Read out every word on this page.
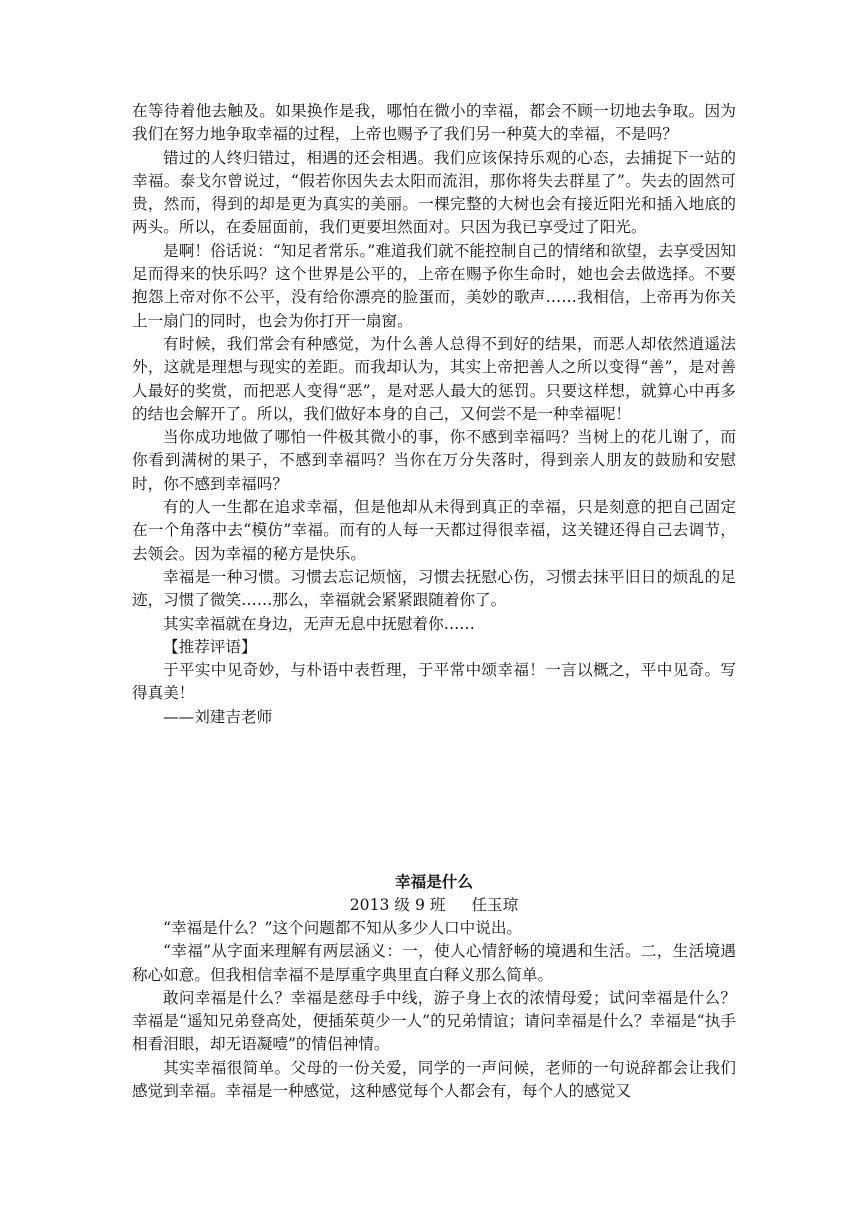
在等待着他去触及。如果换作是我，哪怕在微小的幸福，都会不顾一切地去争取。因为我们在努力地争取幸福的过程，上帝也赐予了我们另一种莫大的幸福，不是吗？

错过的人终归错过，相遇的还会相遇。我们应该保持乐观的心态，去捕捉下一站的幸福。泰戈尔曾说过，“假若你因失去太阳而流泪，那你将失去群星了”。失去的固然可贵，然而，得到的却是更为真实的美丽。一棵完整的大树也会有接近阳光和插入地底的两头。所以，在委屈面前，我们更要坦然面对。只因为我已享受过了阳光。

是啊！俗话说：“知足者常乐。”难道我们就不能控制自己的情绪和欲望，去享受因知足而得来的快乐吗？这个世界是公平的，上帝在赐予你生命时，她也会去做选择。不要抱怨上帝对你不公平，没有给你漂亮的脸蛋而，美妙的歌声……我相信，上帝再为你关上一扇门的同时，也会为你打开一扇窗。

有时候，我们常会有种感觉，为什么善人总得不到好的结果，而恶人却依然逍遥法外，这就是理想与现实的差距。而我却认为，其实上帝把善人之所以变得“善”，是对善人最好的奖赏，而把恶人变得“恶”，是对恶人最大的惩罚。只要这样想，就算心中再多的结也会解开了。所以，我们做好本身的自己，又何尝不是一种幸福呢！

当你成功地做了哪怕一件极其微小的事，你不感到幸福吗？当树上的花儿谢了，而你看到满树的果子，不感到幸福吗？当你在万分失落时，得到亲人朋友的鼓励和安慰时，你不感到幸福吗？

有的人一生都在追求幸福，但是他却从未得到真正的幸福，只是刻意的把自己固定在一个角落中去“模仿”幸福。而有的人每一天都过得很幸福，这关键还得自己去调节，去领会。因为幸福的秘方是快乐。

幸福是一种习惯。习惯去忘记烦恼，习惯去抚慰心伤，习惯去抹平旧日的烦乱的足迹，习惯了微笑……那么，幸福就会紧紧跟随着你了。

其实幸福就在身边，无声无息中抚慰着你……

【推荐评语】

于平实中见奇妙，与朴语中表哲理，于平常中颂幸福！一言以概之，平中见奇。写得真美！

——刘建吉老师

幸福是什么
2013 级 9 班 任玉琼

“幸福是什么？”这个问题都不知从多少人口中说出。

“幸福”从字面来理解有两层涵义：一，使人心情舒畅的境遇和生活。二，生活境遇称心如意。但我相信幸福不是厚重字典里直白释义那么简单。

敢问幸福是什么？幸福是慈母手中线，游子身上衣的浓情母爱；试问幸福是什么？幸福是“遥知兄弟登高处，便插茱萸少一人”的兄弟情谊；请问幸福是什么？幸福是“执手相看泪眼，却无语凝噎”的情侣神情。

其实幸福很简单。父母的一份关爱，同学的一声问候，老师的一句说辞都会让我们感觉到幸福。幸福是一种感觉，这种感觉每个人都会有，每个人的感觉又
